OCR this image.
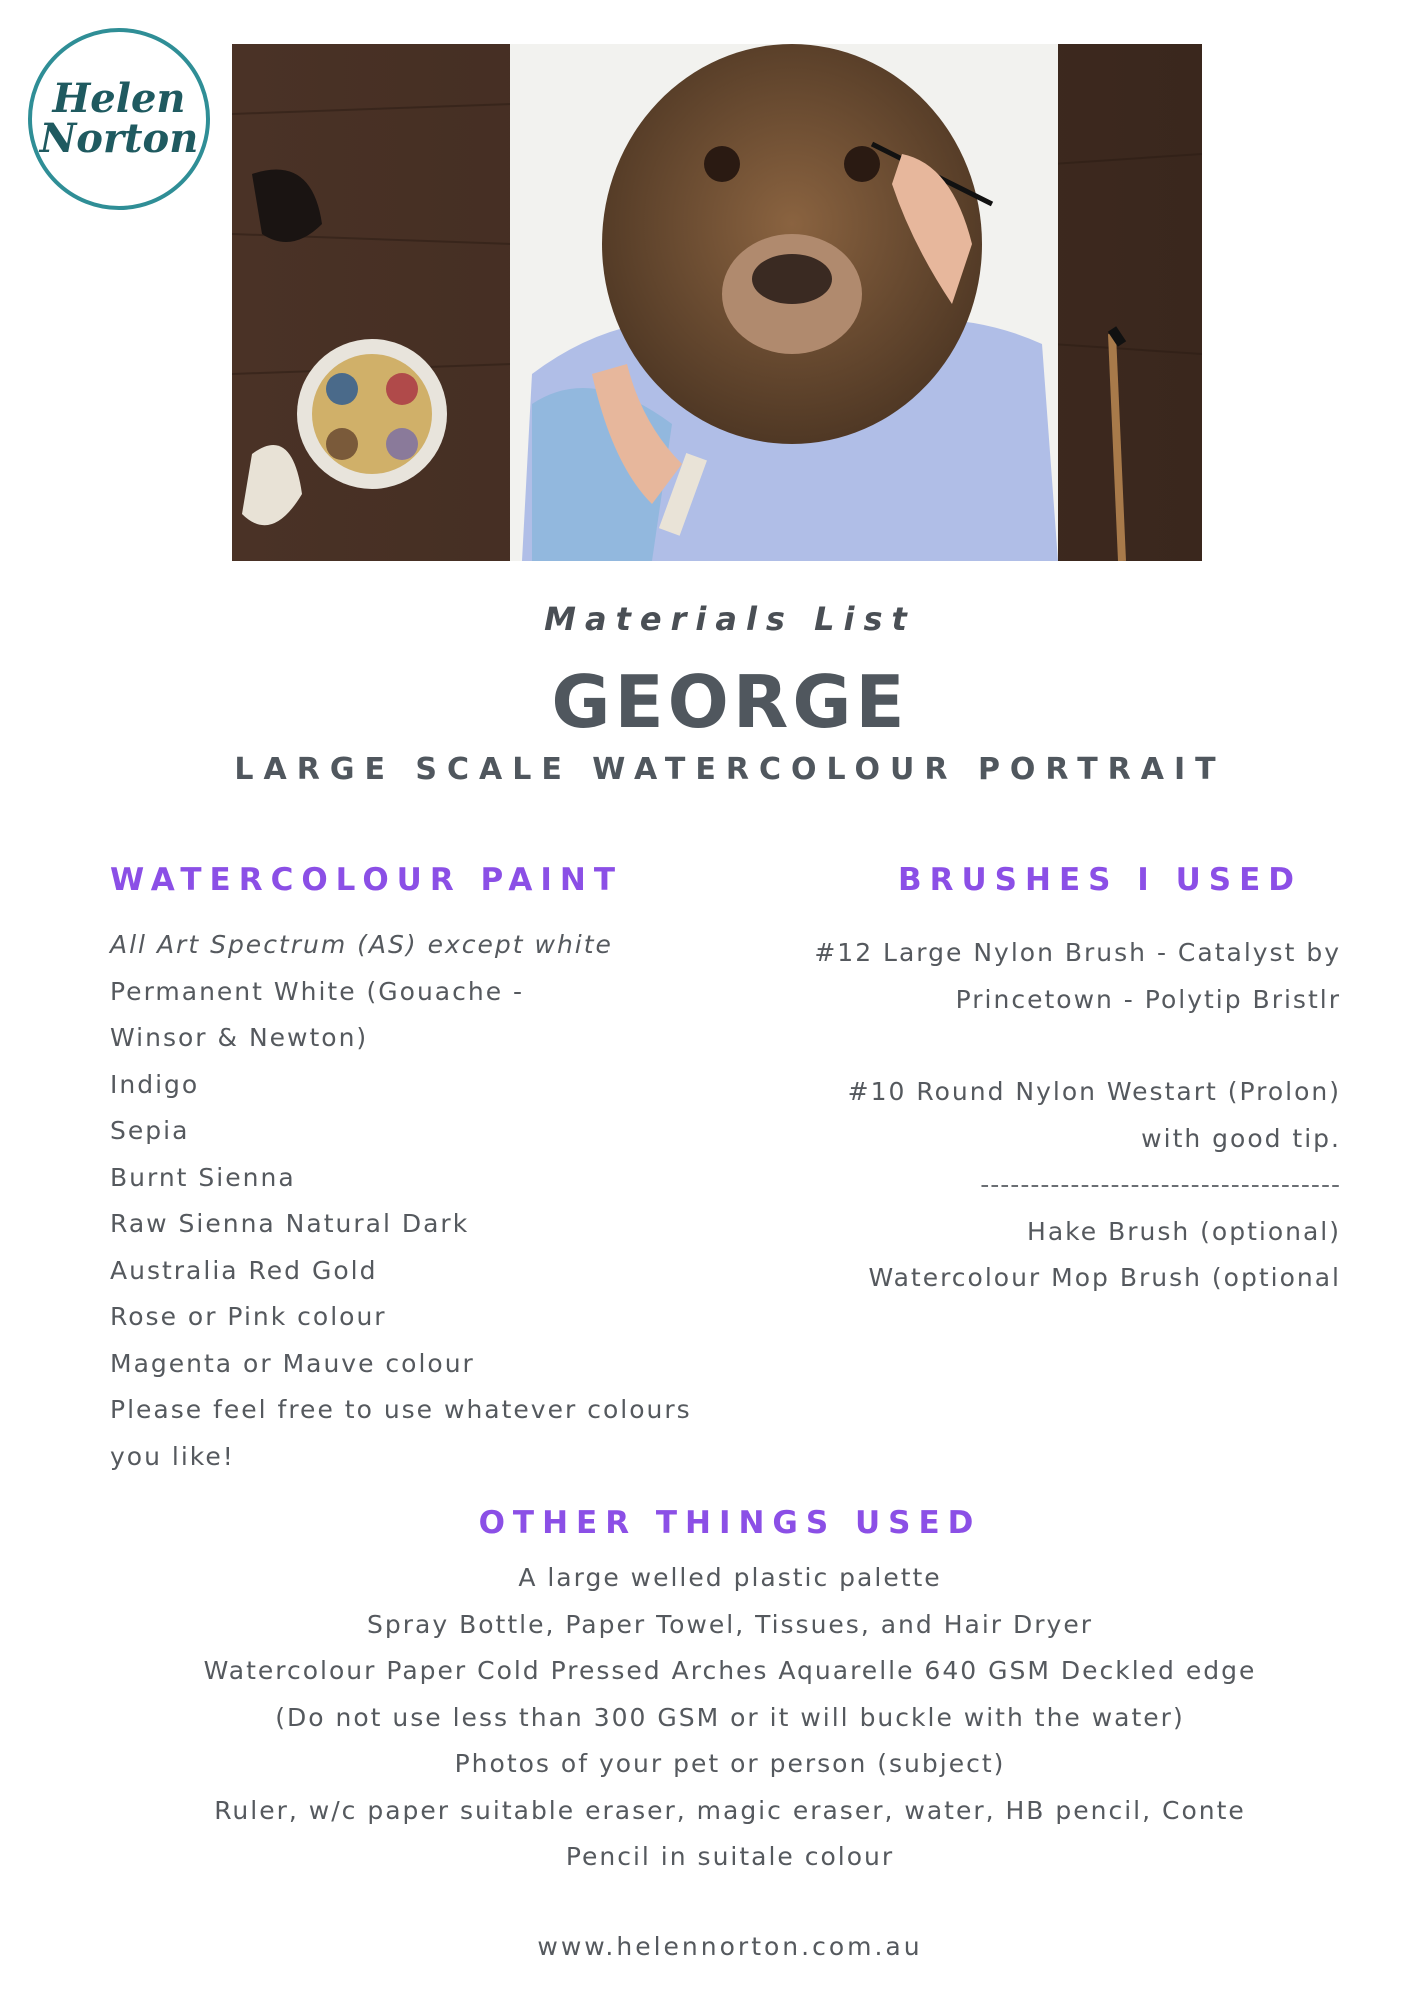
Helen
Norton
Materials List
GEORGE
LARGE SCALE WATERCOLOUR PORTRAIT
WATERCOLOUR PAINT
All Art Spectrum (AS) except white
Permanent White (Gouache -
Winsor & Newton)
Indigo
Sepia
Burnt Sienna
Raw Sienna Natural Dark
Australia Red Gold
Rose or Pink colour
Magenta or Mauve colour
Please feel free to use whatever colours
you like!
BRUSHES I USED
#12 Large Nylon Brush - Catalyst by
Princetown - Polytip Bristlr
#10 Round Nylon Westart (Prolon)
with good tip.
------------------------------------
Hake Brush (optional)
Watercolour Mop Brush (optional
OTHER THINGS USED
A large welled plastic palette
Spray Bottle, Paper Towel, Tissues, and Hair Dryer
Watercolour Paper Cold Pressed Arches Aquarelle 640 GSM Deckled edge
(Do not use less than 300 GSM or it will buckle with the water)
Photos of your pet or person (subject)
Ruler, w/c paper suitable eraser, magic eraser, water, HB pencil, Conte
Pencil in suitale colour
www.helennorton.com.au
